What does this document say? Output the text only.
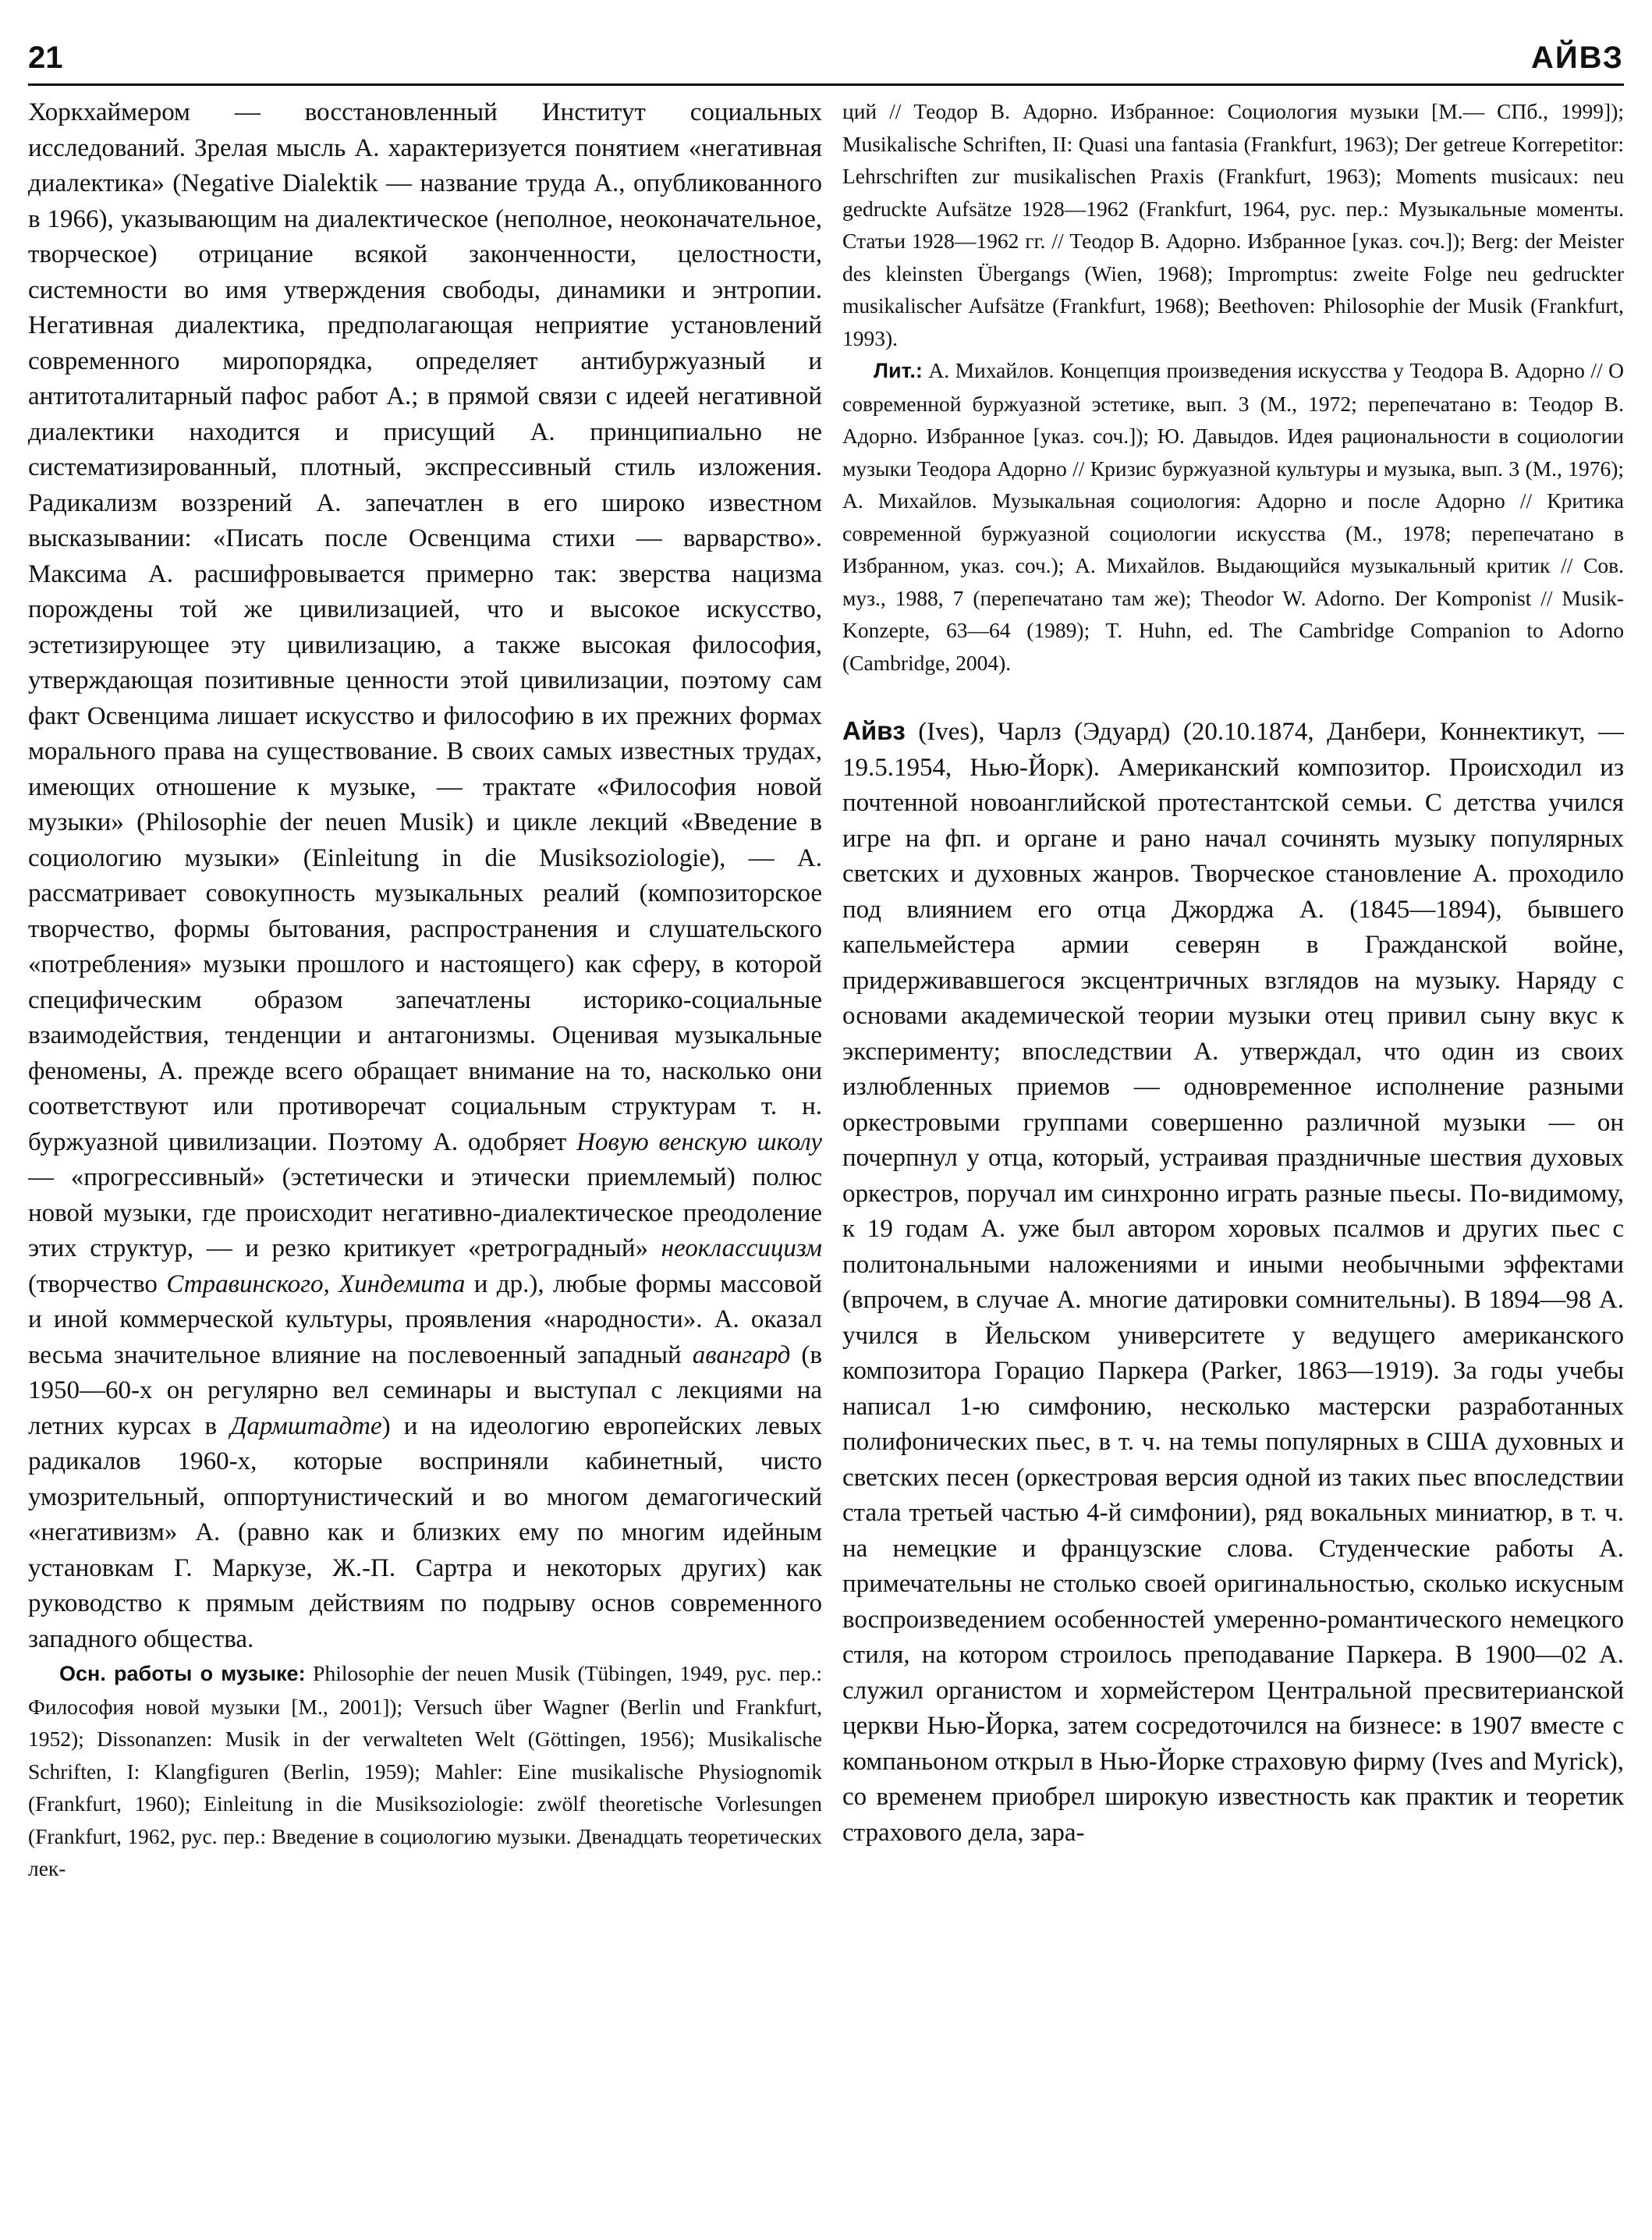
21	АЙВЗ

Хоркхаймером — восстановленный Институт социальных исследований. Зрелая мысль А. характеризуется понятием «негативная диалектика» (Negative Dialektik — название труда А., опубликованного в 1966), указывающим на диалектическое (неполное, неоконачательное, творческое) отрицание всякой законченности, целостности, системности во имя утверждения свободы, динамики и энтропии. Негативная диалектика, предполагающая неприятие установлений современного миропорядка, определяет антибуржуазный и антитоталитарный пафос работ А.; в прямой связи с идеей негативной диалектики находится и присущий А. принципиально не систематизированный, плотный, экспрессивный стиль изложения. Радикализм воззрений А. запечатлен в его широко известном высказывании: «Писать после Освенцима стихи — варварство». Максима А. расшифровывается примерно так: зверства нацизма порождены той же цивилизацией, что и высокое искусство, эстетизирующее эту цивилизацию, а также высокая философия, утверждающая позитивные ценности этой цивилизации, поэтому сам факт Освенцима лишает искусство и философию в их прежних формах морального права на существование. В своих самых известных трудах, имеющих отношение к музыке, — трактате «Философия новой музыки» (Philosophie der neuen Musik) и цикле лекций «Введение в социологию музыки» (Einleitung in die Musiksoziologie), — А. рассматривает совокупность музыкальных реалий (композиторское творчество, формы бытования, распространения и слушательского «потребления» музыки прошлого и настоящего) как сферу, в которой специфическим образом запечатлены историко-социальные взаимодействия, тенденции и антагонизмы. Оценивая музыкальные феномены, А. прежде всего обращает внимание на то, насколько они соответствуют или противоречат социальным структурам т. н. буржуазной цивилизации. Поэтому А. одобряет Новую венскую школу — «прогрессивный» (эстетически и этически приемлемый) полюс новой музыки, где происходит негативно-диалектическое преодоление этих структур, — и резко критикует «ретроградный» неоклассицизм (творчество Стравинского, Хиндемита и др.), любые формы массовой и иной коммерческой культуры, проявления «народности». А. оказал весьма значительное влияние на послевоенный западный авангард (в 1950—60-х он регулярно вел семинары и выступал с лекциями на летних курсах в Дармштадте) и на идеологию европейских левых радикалов 1960-х, которые восприняли кабинетный, чисто умозрительный, оппортунистический и во многом демагогический «негативизм» А. (равно как и близких ему по многим идейным установкам Г. Маркузе, Ж.-П. Сартра и некоторых других) как руководство к прямым действиям по подрыву основ современного западного общества.

Осн. работы о музыке: Philosophie der neuen Musik (Tübingen, 1949, рус. пер.: Философия новой музыки [М., 2001]); Versuch über Wagner (Berlin und Frankfurt, 1952); Dissonanzen: Musik in der verwalteten Welt (Göttingen, 1956); Musikalische Schriften, I: Klangfiguren (Berlin, 1959); Mahler: Eine musikalische Physiognomik (Frankfurt, 1960); Einleitung in die Musiksoziologie: zwölf theoretische Vorlesungen (Frankfurt, 1962, рус. пер.: Введение в социологию музыки. Двенадцать теоретических лек-

ций // Теодор В. Адорно. Избранное: Социология музыки [М.— СПб., 1999]); Musikalische Schriften, II: Quasi una fantasia (Frankfurt, 1963); Der getreue Korrepetitor: Lehrschriften zur musikalischen Praxis (Frankfurt, 1963); Moments musicaux: neu gedruckte Aufsätze 1928—1962 (Frankfurt, 1964, рус. пер.: Музыкальные моменты. Статьи 1928—1962 гг. // Теодор В. Адорно. Избранное [указ. соч.]); Berg: der Meister des kleinsten Übergangs (Wien, 1968); Impromptus: zweite Folge neu gedruckter musikalischer Aufsätze (Frankfurt, 1968); Beethoven: Philosophie der Musik (Frankfurt, 1993).

Лит.: А. Михайлов. Концепция произведения искусства у Теодора В. Адорно // О современной буржуазной эстетике, вып. 3 (М., 1972; перепечатано в: Теодор В. Адорно. Избранное [указ. соч.]); Ю. Давыдов. Идея рациональности в социологии музыки Теодора Адорно // Кризис буржуазной культуры и музыка, вып. 3 (М., 1976); А. Михайлов. Музыкальная социология: Адорно и после Адорно // Критика современной буржуазной социологии искусства (М., 1978; перепечатано в Избранном, указ. соч.); А. Михайлов. Выдающийся музыкальный критик // Сов. муз., 1988, 7 (перепечатано там же); Theodor W. Adorno. Der Komponist // Musik-Konzepte, 63—64 (1989); T. Huhn, ed. The Cambridge Companion to Adorno (Cambridge, 2004).

Айвз (Ives), Чарлз (Эдуард) (20.10.1874, Данбери, Коннектикут, — 19.5.1954, Нью-Йорк). Американский композитор. Происходил из почтенной новоанглийской протестантской семьи. С детства учился игре на фп. и органе и рано начал сочинять музыку популярных светских и духовных жанров. Творческое становление А. проходило под влиянием его отца Джорджа А. (1845—1894), бывшего капельмейстера армии северян в Гражданской войне, придерживавшегося эксцентричных взглядов на музыку. Наряду с основами академической теории музыки отец привил сыну вкус к эксперименту; впоследствии А. утверждал, что один из своих излюбленных приемов — одновременное исполнение разными оркестровыми группами совершенно различной музыки — он почерпнул у отца, который, устраивая праздничные шествия духовых оркестров, поручал им синхронно играть разные пьесы. По-видимому, к 19 годам А. уже был автором хоровых псалмов и других пьес с политональными наложениями и иными необычными эффектами (впрочем, в случае А. многие датировки сомнительны). В 1894—98 А. учился в Йельском университете у ведущего американского композитора Горацио Паркера (Parker, 1863—1919). За годы учебы написал 1-ю симфонию, несколько мастерски разработанных полифонических пьес, в т. ч. на темы популярных в США духовных и светских песен (оркестровая версия одной из таких пьес впоследствии стала третьей частью 4-й симфонии), ряд вокальных миниатюр, в т. ч. на немецкие и французские слова. Студенческие работы А. примечательны не столько своей оригинальностью, сколько искусным воспроизведением особенностей умеренно-романтического немецкого стиля, на котором строилось преподавание Паркера. В 1900—02 А. служил органистом и хормейстером Центральной пресвитерианской церкви Нью-Йорка, затем сосредоточился на бизнесе: в 1907 вместе с компаньоном открыл в Нью-Йорке страховую фирму (Ives and Myrick), со временем приобрел широкую известность как практик и теоретик страхового дела, зара-
